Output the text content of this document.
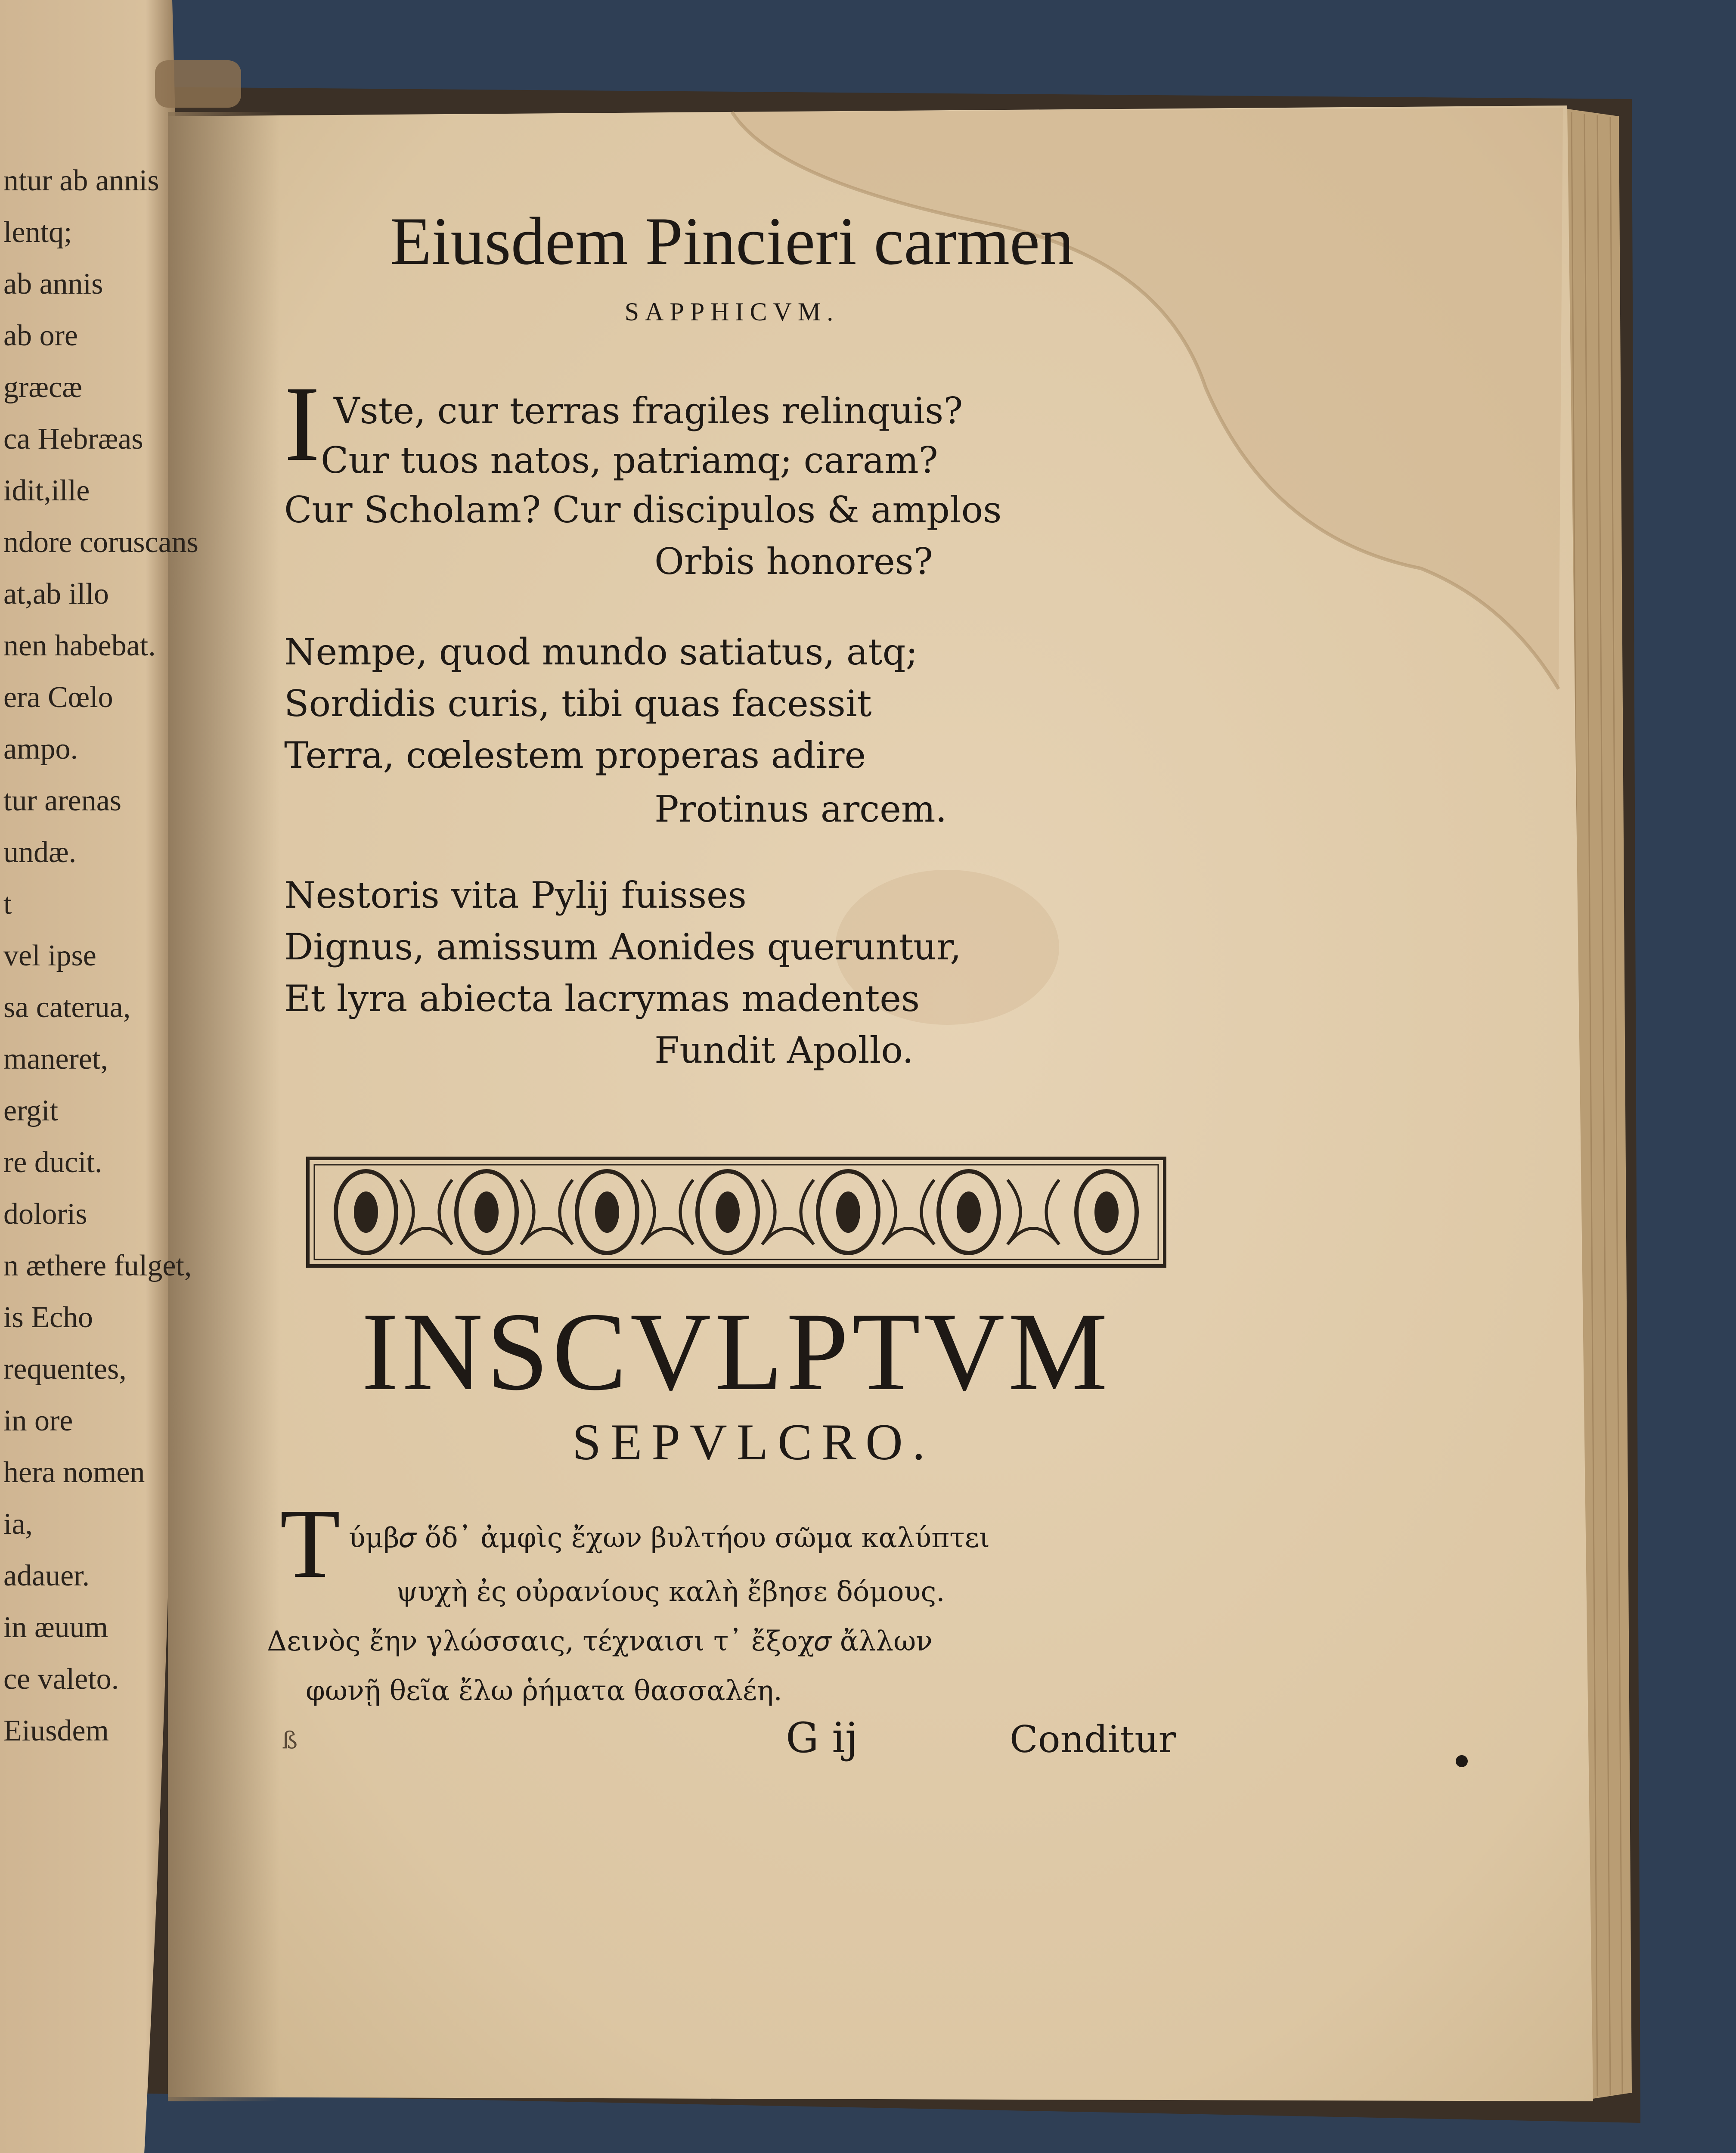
ntur ab annis
lentq;
ab annis
ab ore
græcæ
ca Hebræas
idit,ille
ndore coruscans
at,ab illo
nen habebat.
era Cœlo
ampo.
tur arenas
undæ.
t
vel ipse
sa caterua,
maneret,
ergit
re ducit.
doloris
n æthere fulget,
is Echo
requentes,
in ore
hera nomen
ia,
adauer.
in æuum
ce valeto.
Eiusdem
Eiusdem Pincieri carmen
SAPPHICVM.
I Vste, cur terras fragiles relinquis?
Cur tuos natos, patriamq; caram?
Cur Scholam? Cur discipulos & amplos
Orbis honores?
Nempe, quod mundo satiatus, atq;
Sordidis curis, tibi quas facessit
Terra, cœlestem properas adire
Protinus arcem.
Nestoris vita Pylij fuisses
Dignus, amissum Aonides queruntur,
Et lyra abiecta lacrymas madentes
Fundit Apollo.
INSCVLPTVM
SEPVLCRO.
T ύμβ𝜎 ὅδ᾽ ἀμφὶς ἔχων βυλτήου σῶμα καλύπτει
ψυχὴ ἐς οὐρανίους καλὴ ἔβησε δόμους.
Δεινὸς ἔην γλώσσαις, τέχναισι τ᾽ ἔξοχ𝜎 ἄλλων
φωνῇ θεῖα ἔλω ῥήματα θασσαλέη.
ß	G ij	Conditur
